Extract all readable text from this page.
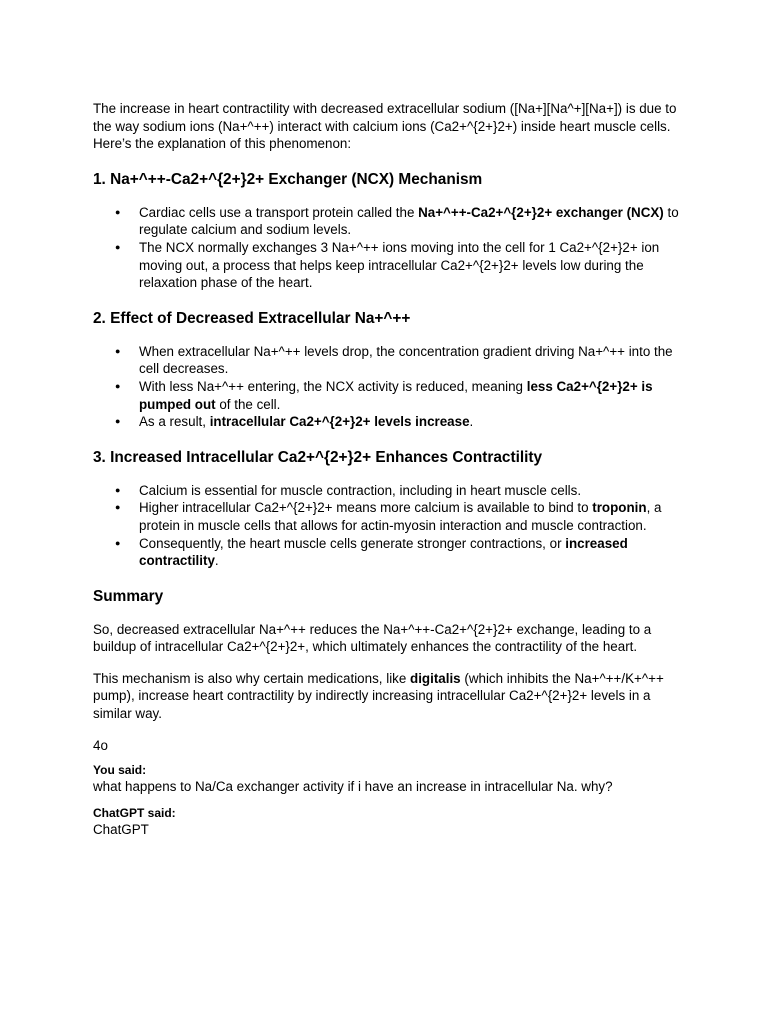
The increase in heart contractility with decreased extracellular sodium ([Na+][Na^+][Na+]) is due to the way sodium ions (Na+^++) interact with calcium ions (Ca2+^{2+}2+) inside heart muscle cells. Here’s the explanation of this phenomenon:

1. Na+^++-Ca2+^{2+}2+ Exchanger (NCX) Mechanism
● Cardiac cells use a transport protein called the Na+^++-Ca2+^{2+}2+ exchanger (NCX) to regulate calcium and sodium levels.
● The NCX normally exchanges 3 Na+^++ ions moving into the cell for 1 Ca2+^{2+}2+ ion moving out, a process that helps keep intracellular Ca2+^{2+}2+ levels low during the relaxation phase of the heart.
2. Effect of Decreased Extracellular Na+^++
● When extracellular Na+^++ levels drop, the concentration gradient driving Na+^++ into the cell decreases.
● With less Na+^++ entering, the NCX activity is reduced, meaning less Ca2+^{2+}2+ is pumped out of the cell.
● As a result, intracellular Ca2+^{2+}2+ levels increase.
3. Increased Intracellular Ca2+^{2+}2+ Enhances Contractility
● Calcium is essential for muscle contraction, including in heart muscle cells.
● Higher intracellular Ca2+^{2+}2+ means more calcium is available to bind to troponin, a protein in muscle cells that allows for actin-myosin interaction and muscle contraction.
● Consequently, the heart muscle cells generate stronger contractions, or increased contractility.
Summary

So, decreased extracellular Na+^++ reduces the Na+^++-Ca2+^{2+}2+ exchange, leading to a buildup of intracellular Ca2+^{2+}2+, which ultimately enhances the contractility of the heart.

This mechanism is also why certain medications, like digitalis (which inhibits the Na+^++/K+^++ pump), increase heart contractility by indirectly increasing intracellular Ca2+^{2+}2+ levels in a similar way.

4o

You said:

what happens to Na/Ca exchanger activity if i have an increase in intracellular Na. why?

ChatGPT said:

ChatGPT
